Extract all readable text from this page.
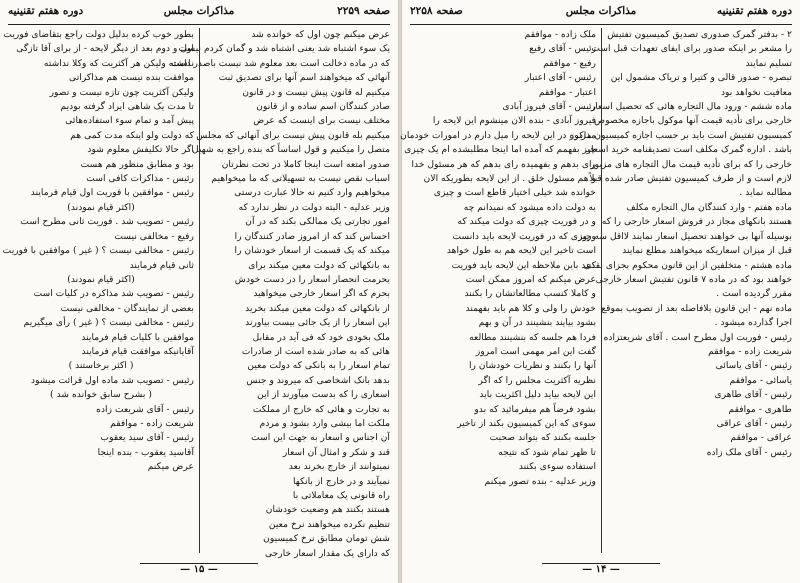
صفحه ۲۲۵۹
مذاکرات مجلس
دوره هفتم تقنینیه
عرض میکنم چون اول که خوانده شد
یک سوء اشتباه شد یعنی اشتباه شد و گمان کردم نیست
که در ماده دخالت است بعد معلوم شد نیست باصدر است
آنهائی که میخواهند اسم آنها برای تصدیق ثبت
میکنیم له قانون پیش نیست و در قانون
صادر کنندگان اسم ساده و از قانون
مختلف نیست برای اینست که عرض
میکنیم بله قانون پیش نیست برای آنهائی که مجلس
متصل را میکنیم و قول اساساً که بنده راجع به شهیل
صدور امتعه است اینجا کاملا در تحت نظرتان
اسباب نقص نیست به تسهیلاتی که ما میخواهیم
میخواهیم وارد کنیم نه حالا عبارت درستی
وزیر عدلیه - البته دولت در نظر ندارد که
امور تجارتی یک ممالکی بکند که در آن
احساس کند که از امروز صادر کنندگان را
میکند که یک قسمت از اسعار خودشان را
به بانکهائی که دولت معین میکند برای
بحرمت انحصار اسعار را در دست خودش
بحرم که اگر اسعار خارجی میخواهید
از بانکهائی که دولت معین میکند بخرید
این اسعار را از یک جائی بیست بیاورند
ملک بخودی خود که فی آید در مقابل
هائی که به صادر شده است از صادرات
تمام اسعار را به بانکی که دولت معین
بدهد بانک اشخاصی که میروند و جنس
اسعاری را که بدست میآورند از این
به تجارت و هائی که خارج از مملکت
ملکت اما بیشی وارد بشود و مردم
آن اجناس و اسعار به جهت این است
قند و شکر و امثال آن اسعار
نمیتوانند از خارج بخرند بعد
نمیآیند و در خارج از بانکها
راه قانونی یک معاملاتی با
هستند بکنند هم وضعیت خودشان
تنظیم نکرده میخواهند نرخ معین
شش تومان مطابق نرخ کمیسیون
که دارای یک مقدار اسعار خارجی
بطور خوب کرده بدلیل دولت راجع بتقاضای فوریت
اول و دوم بعد از دیگر لایحه - از برای آقا تازگی
نداشته ولیکن هر آکثریت که وکلا نداشته
موافقت بنده نیست هم مذاکراتی
ولیکن آکثریت چون تازه نیست و تصور
تا مدت یک شاهی ایراد گرفته بودیم
پیش آمد و تمام سوء استفاده‌هائی
که دولت ولو اینکه مدت کمی هم
اگر حالا تکلیفش معلوم شود
بود و مطابق منظور هم هست
رئیس - مذاکرات کافی است
رئیس - موافقین با فوریت اول قیام فرمایند
(اکثر قیام نمودند)
رئیس - تصویب شد . فوریت ثانی مطرح است
رفیع - مخالفی نیست
رئیس - مخالفی نیست ؟ ( غیر ) موافقین با فوریت
ثانی قیام فرمایند
(اکثر قیام نمودند)
رئیس - تصویب شد مذاکره در کلیات است
بعضی از نمایندگان - مخالفی نیست
رئیس - مخالفی نیست ؟ ( غیر ) رأی میگیریم
موافقین با کلیات قیام فرمایند
آقایانیکه موافقت قیام فرمایند
( اکثر برخاستند )
رئیس - تصویب شد ماده اول قرائت میشود
( بشرح سابق خوانده شد )
رئیس - آقای شریعت زاده
شریعت زاده - موافقم
رئیس - آقای سید یعقوب
آقاسید یعقوب - بنده اینجا
عرض میکنم
— ۱۵ —
دوره هفتم تقنینیه
مذاکرات مجلس
صفحه ۲۲۵۸
۲ - بدفتر گمرک صدوری تصدیق کمیسیون تفتیش
را مشعر بر اینکه صدور برای ایفای تعهدات قبل است
تسلیم نمایند
تبصره - صدور قالی و کتیرا و تریاک مشمول این
معافیت نخواهد بود
ماده ششم - ورود مال التجاره هائی که تحصیل اسعار
خارجی برای تأدیه قیمت آنها موکول باجازه مخصوص
کمیسیون تفتیش است باید بر حسب اجازه کمیسیون مزبور
باشد . اداره گمرک مکلف است تصدیقنامه خرید اسعار
خارجی را که برای تأدیه قیمت مال التجاره های مزبور
لازم است و از طرف کمیسیون تفتیش صادر شده قبلاً
مطالبه نماید .
ماده هفتم - وارد کنندگان مال التجاره مکلف
هستند بانکهای مجاز در فروش اسعار خارجی را که
بوسیله آنها بی خواهند تحصیل اسعار نمایند لااقل سه روز
قبل از میزان اسعاریکه میخواهند مطلع نمایند
ماده هشتم - متخلفین از این قانون محکوم بجزای نقدی
خواهند بود که در ماده ۷ قانون تفتیش اسعار خارجی
مقرر گردیده است .
ماده نهم - این قانون بلافاصله بعد از تصویب بموقع
اجرا گذارده میشود .
رئیس - فوریت اول مطرح است . آقای شریعتزاده
شریعت زاده - موافقم
رئیس - آقای یاسائی
یاسائی - موافقم
رئیس - آقای طاهری
طاهری - موافقم
رئیس - آقای عراقی
عراقی - موافقم
رئیس - آقای ملک زاده
ملک زاده - موافقم
رئیس - آقای رفیع
رفیع - موافقم
رئیس - آقای اعتبار
اعتبار - موافقم
رئیس - آقای فیروز آبادی
فیروز آبادی - بنده الان مینشوم این لایحه را
مذاکره در این لایحه را میل دارم در امورات خودمان
چیز بفهمم که آمده اما اینجا مطلبشده ام یک چیزی
رای بدهم و بفهمیده رای بدهم که هر مسئول خدا
و هم مسئول خلق . از این لایحه بطوریکه الان
خوانده شد خیلی اختیار قاطع است و چیزی
به دولت داده میشود که نمیدانم چه
و در فوریت چیزی که دولت میکند که
وچیزی که در فوریت لایحه باید دانست
است تاخیر این لایحه هم به طول خواهد
کنند باین ملاحظه این لایحه باید فوریت
عرض میکنم که امروز ممکن است
و کاملا کنسب مطالعاتشان را بکنند
خودش را ولی و کلا هم باید بفهمند
بشود بیایند بنشینند در آن و بهم
فردا هم جلسه که بنشینند مطالعه
گفت این امر مهمی است امروز
آنها را بکنند و نظریات خودشان را
نظریه آکثریت مجلس را که اگر
این لایحه بیاید دلیل اکثریت باید
بشود فرضاً هم میفرمائید که بدو
سوءی که این کمیسیون بکند از تاخیر
جلسه بکنند که بتواند صحبت
تا ظهر تمام شود که نتیجه
استفاده سوءی بکنند
وزیر عدلیه - بنده تصور میکنم
— ۱۴ —
